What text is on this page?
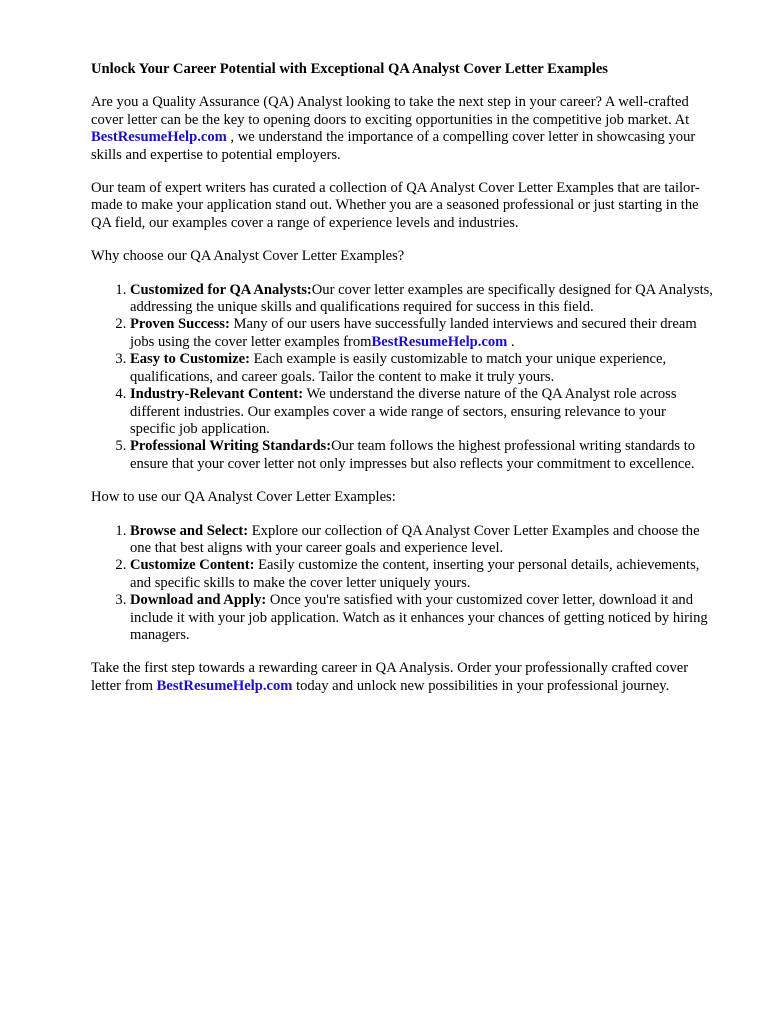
Unlock Your Career Potential with Exceptional QA Analyst Cover Letter Examples

Are you a Quality Assurance (QA) Analyst looking to take the next step in your career? A well-crafted cover letter can be the key to opening doors to exciting opportunities in the competitive job market. At BestResumeHelp.com , we understand the importance of a compelling cover letter in showcasing your skills and expertise to potential employers.

Our team of expert writers has curated a collection of QA Analyst Cover Letter Examples that are tailor-made to make your application stand out. Whether you are a seasoned professional or just starting in the QA field, our examples cover a range of experience levels and industries.

Why choose our QA Analyst Cover Letter Examples?

1. Customized for QA Analysts:Our cover letter examples are specifically designed for QA Analysts, addressing the unique skills and qualifications required for success in this field.
2. Proven Success: Many of our users have successfully landed interviews and secured their dream jobs using the cover letter examples fromBestResumeHelp.com .
3. Easy to Customize: Each example is easily customizable to match your unique experience, qualifications, and career goals. Tailor the content to make it truly yours.
4. Industry-Relevant Content: We understand the diverse nature of the QA Analyst role across different industries. Our examples cover a wide range of sectors, ensuring relevance to your specific job application.
5. Professional Writing Standards:Our team follows the highest professional writing standards to ensure that your cover letter not only impresses but also reflects your commitment to excellence.

How to use our QA Analyst Cover Letter Examples:

1. Browse and Select: Explore our collection of QA Analyst Cover Letter Examples and choose the one that best aligns with your career goals and experience level.
2. Customize Content: Easily customize the content, inserting your personal details, achievements, and specific skills to make the cover letter uniquely yours.
3. Download and Apply: Once you're satisfied with your customized cover letter, download it and include it with your job application. Watch as it enhances your chances of getting noticed by hiring managers.

Take the first step towards a rewarding career in QA Analysis. Order your professionally crafted cover letter from BestResumeHelp.com today and unlock new possibilities in your professional journey.
